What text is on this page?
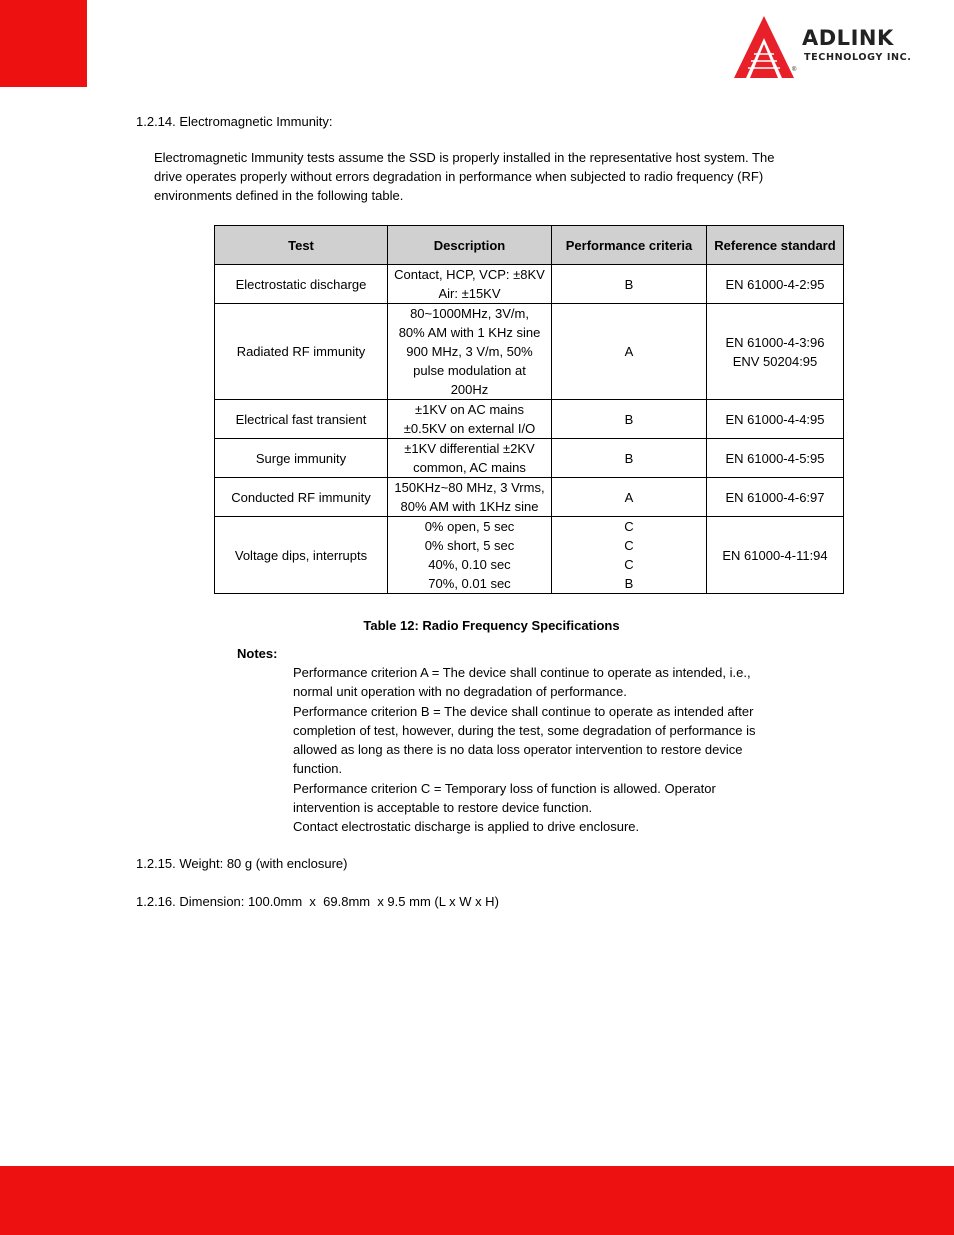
ADLINK
TECHNOLOGY INC.
®
1.2.14. Electromagnetic Immunity:
Electromagnetic Immunity tests assume the SSD is properly installed in the representative host system. The
drive operates properly without errors degradation in performance when subjected to radio frequency (RF)
environments defined in the following table.
Test	Description	Performance criteria	Reference standard
Electrostatic discharge	Contact, HCP, VCP: ±8KV
Air: ±15KV	B	EN 61000-4-2:95
Radiated RF immunity	80~1000MHz, 3V/m,
80% AM with 1 KHz sine
900 MHz, 3 V/m, 50%
pulse modulation at
200Hz	A	EN 61000-4-3:96
ENV 50204:95

Electrical fast transient	±1KV on AC mains
±0.5KV on external I/O	B	EN 61000-4-4:95
Surge immunity	±1KV differential ±2KV
common, AC mains	B	EN 61000-4-5:95
Conducted RF immunity	150KHz~80 MHz, 3 Vrms,
80% AM with 1KHz sine	A	EN 61000-4-6:97
Voltage dips, interrupts	0% open, 5 sec
0% short, 5 sec
40%, 0.10 sec
70%, 0.01 sec	C
C
C
B	EN 61000-4-11:94
Table 12: Radio Frequency Specifications
Notes:
Performance criterion A = The device shall continue to operate as intended, i.e.,
normal unit operation with no degradation of performance.
Performance criterion B = The device shall continue to operate as intended after
completion of test, however, during the test, some degradation of performance is
allowed as long as there is no data loss operator intervention to restore device
function.
Performance criterion C = Temporary loss of function is allowed. Operator
intervention is acceptable to restore device function.
Contact electrostatic discharge is applied to drive enclosure.
1.2.15. Weight: 80 g (with enclosure)
1.2.16. Dimension: 100.0mm  x  69.8mm  x 9.5 mm (L x W x H)
